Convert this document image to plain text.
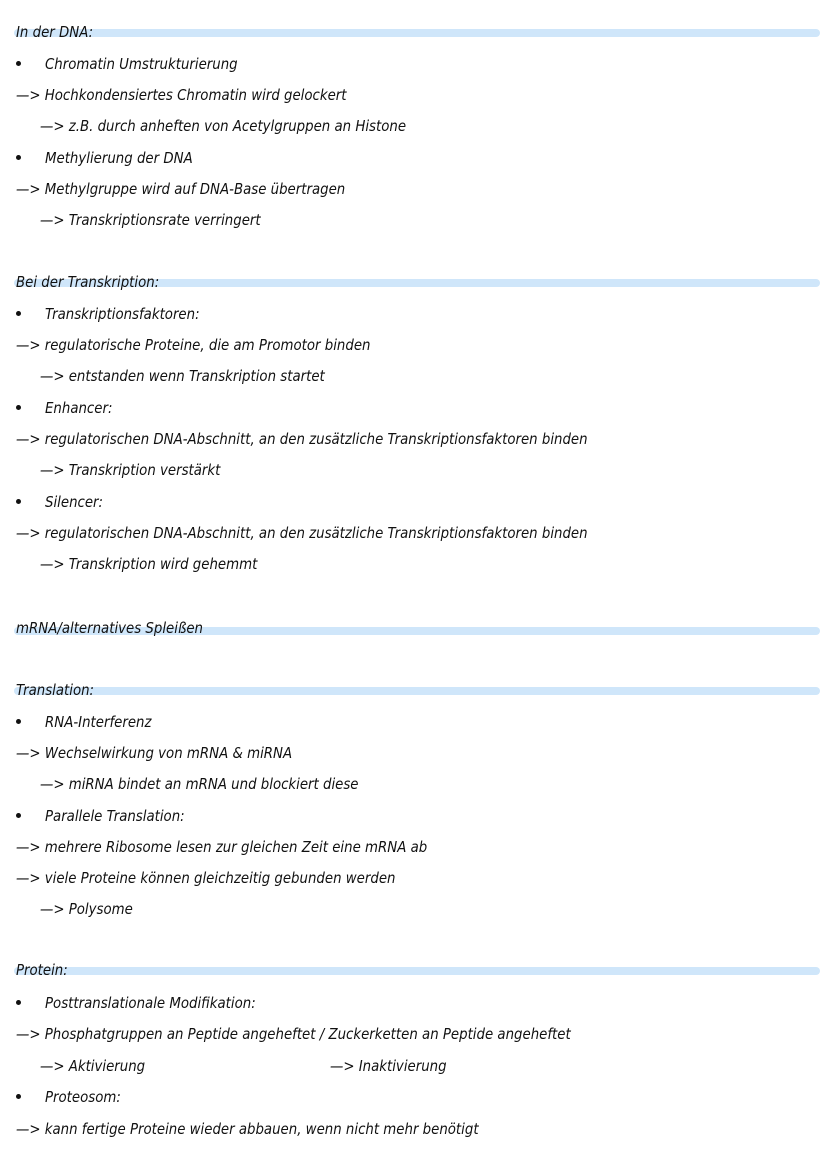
In der DNA:
Chromatin Umstrukturierung
—> Hochkondensiertes Chromatin wird gelockert
—> z.B. durch anheften von Acetylgruppen an Histone
Methylierung der DNA
—> Methylgruppe wird auf DNA-Base übertragen
—> Transkriptionsrate verringert
Bei der Transkription:
Transkriptionsfaktoren:
—> regulatorische Proteine, die am Promotor binden
—> entstanden wenn Transkription startet
Enhancer:
—> regulatorischen DNA-Abschnitt, an den zusätzliche Transkriptionsfaktoren binden
—> Transkription verstärkt
Silencer:
—> regulatorischen DNA-Abschnitt, an den zusätzliche Transkriptionsfaktoren binden
—> Transkription wird gehemmt
mRNA/alternatives Spleißen
Translation:
RNA-Interferenz
—> Wechselwirkung von mRNA & miRNA
—> miRNA bindet an mRNA und blockiert diese
Parallele Translation:
—> mehrere Ribosome lesen zur gleichen Zeit eine mRNA ab
—> viele Proteine können gleichzeitig gebunden werden
—> Polysome
Protein:
Posttranslationale Modifikation:
—> Phosphatgruppen an Peptide angeheftet / Zuckerketten an Peptide angeheftet
—> Aktivierung	—> Inaktivierung
Proteosom:
—> kann fertige Proteine wieder abbauen, wenn nicht mehr benötigt
